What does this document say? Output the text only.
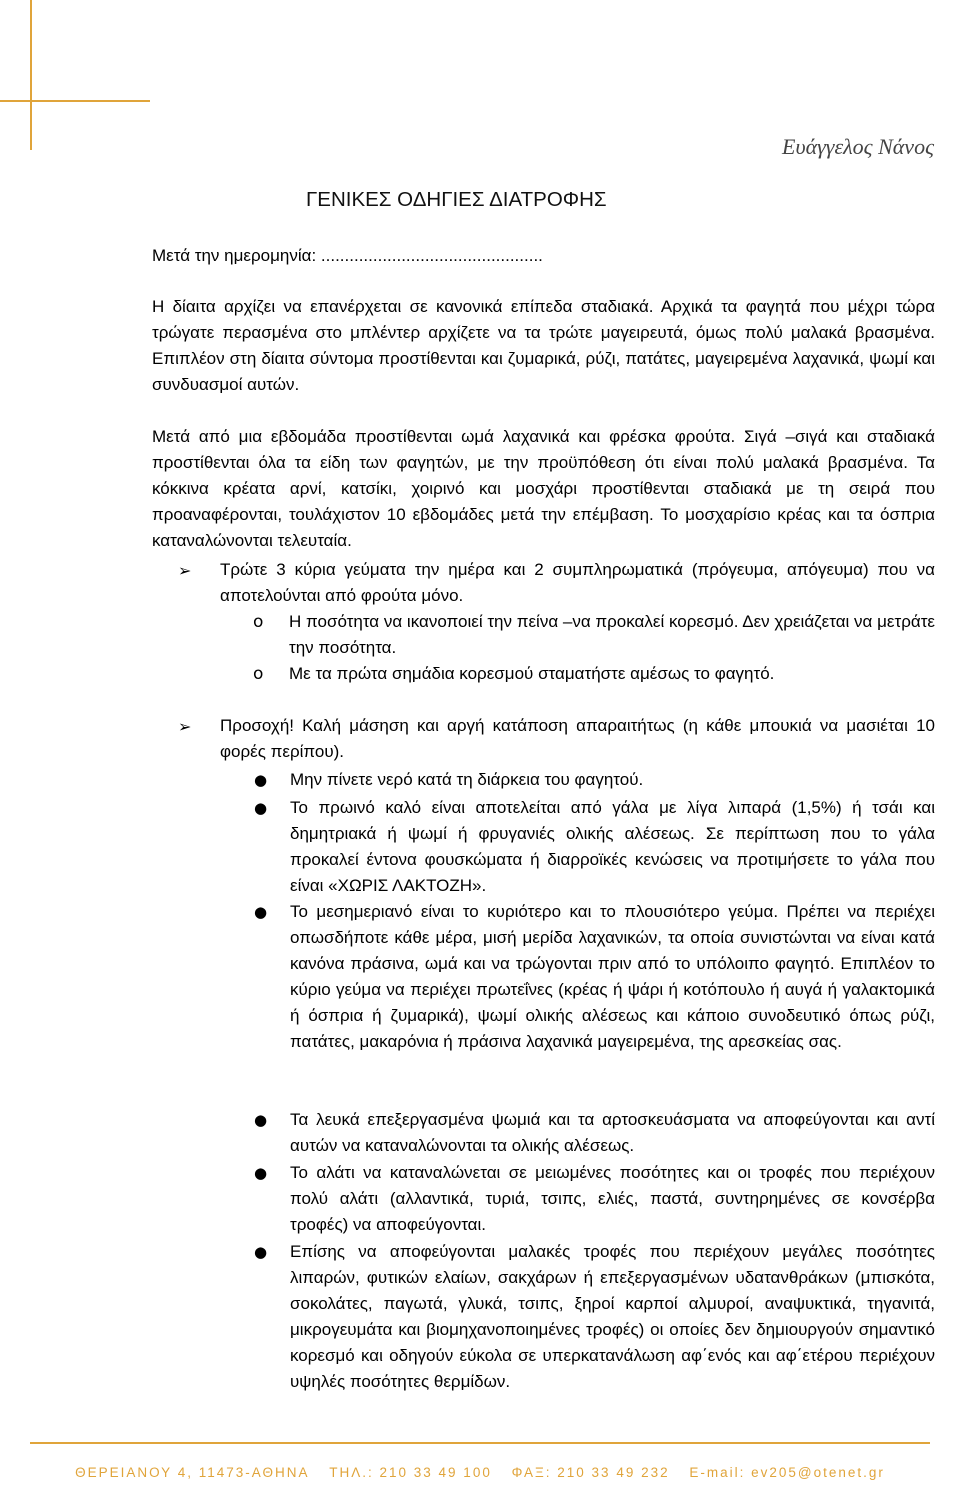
Ευάγγελος Νάνος
ΓΕΝΙΚΕΣ ΟΔΗΓΙΕΣ ΔΙΑΤΡΟΦΗΣ
Μετά την ημερομηνία: ...............................................
Η δίαιτα αρχίζει να επανέρχεται σε κανονικά επίπεδα σταδιακά. Αρχικά τα φαγητά που μέχρι τώρα τρώγατε περασμένα στο μπλέντερ αρχίζετε να τα τρώτε μαγειρευτά, όμως πολύ μαλακά βρασμένα. Επιπλέον στη δίαιτα σύντομα προστίθενται και ζυμαρικά, ρύζι, πατάτες, μαγειρεμένα λαχανικά, ψωμί και συνδυασμοί αυτών.
Μετά από μια εβδομάδα προστίθενται ωμά λαχανικά και φρέσκα φρούτα. Σιγά –σιγά και σταδιακά προστίθενται όλα τα είδη των φαγητών, με την προϋπόθεση ότι είναι πολύ μαλακά βρασμένα. Τα κόκκινα κρέατα αρνί, κατσίκι, χοιρινό και μοσχάρι προστίθενται σταδιακά με τη σειρά που προαναφέρονται, τουλάχιστον 10 εβδομάδες μετά την επέμβαση. Το μοσχαρίσιο κρέας και τα όσπρια καταναλώνονται τελευταία.
➢	Τρώτε 3 κύρια γεύματα την ημέρα και 2 συμπληρωματικά (πρόγευμα, απόγευμα) που να αποτελούνται από φρούτα μόνο.
o	Η ποσότητα να ικανοποιεί την πείνα –να προκαλεί κορεσμό. Δεν χρειάζεται να μετράτε την ποσότητα.
o	Με τα πρώτα σημάδια κορεσμού σταματήστε αμέσως το φαγητό.
➢	Προσοχή! Καλή μάσηση και αργή κατάποση απαραιτήτως (η κάθε μπουκιά να μασιέται 10 φορές περίπου).
●	Μην πίνετε νερό κατά τη διάρκεια του φαγητού.
●	Το πρωινό καλό είναι αποτελείται από γάλα με λίγα λιπαρά (1,5%) ή τσάι και δημητριακά ή ψωμί ή φρυγανιές ολικής αλέσεως. Σε περίπτωση που το γάλα προκαλεί έντονα φουσκώματα ή διαρροϊκές κενώσεις να προτιμήσετε το γάλα που είναι «ΧΩΡΙΣ ΛΑΚΤΟΖΗ».
●	Το μεσημεριανό είναι το κυριότερο και το πλουσιότερο γεύμα. Πρέπει να περιέχει οπωσδήποτε κάθε μέρα, μισή μερίδα λαχανικών, τα οποία συνιστώνται να είναι κατά κανόνα πράσινα, ωμά και να τρώγονται πριν από το υπόλοιπο φαγητό. Επιπλέον το κύριο γεύμα να περιέχει πρωτεΐνες (κρέας ή ψάρι ή κοτόπουλο ή αυγά ή γαλακτομικά ή όσπρια ή ζυμαρικά), ψωμί ολικής αλέσεως και κάποιο συνοδευτικό όπως ρύζι, πατάτες, μακαρόνια ή πράσινα λαχανικά μαγειρεμένα, της αρεσκείας σας.
●	Τα λευκά επεξεργασμένα ψωμιά και τα αρτοσκευάσματα να αποφεύγονται και αντί αυτών να καταναλώνονται τα ολικής αλέσεως.
●	Το αλάτι να καταναλώνεται σε μειωμένες ποσότητες και οι τροφές που περιέχουν πολύ αλάτι (αλλαντικά, τυριά, τσιπς, ελιές, παστά, συντηρημένες σε κονσέρβα τροφές) να αποφεύγονται.
●	Επίσης να αποφεύγονται μαλακές τροφές που περιέχουν μεγάλες ποσότητες λιπαρών, φυτικών ελαίων, σακχάρων ή επεξεργασμένων υδατανθράκων (μπισκότα, σοκολάτες, παγωτά, γλυκά, τσιπς, ξηροί καρποί αλμυροί, αναψυκτικά, τηγανιτά, μικρογευμάτα και βιομηχανοποιημένες τροφές) οι οποίες δεν δημιουργούν σημαντικό κορεσμό και οδηγούν εύκολα σε υπερκατανάλωση αφ΄ενός και αφ΄ετέρου περιέχουν υψηλές ποσότητες θερμίδων.
ΘΕΡΕΙΑΝΟΥ 4, 11473-ΑΘΗΝΑ ΤΗΛ.: 210 33 49 100 ΦΑΞ: 210 33 49 232 E-mail: ev205@otenet.gr
